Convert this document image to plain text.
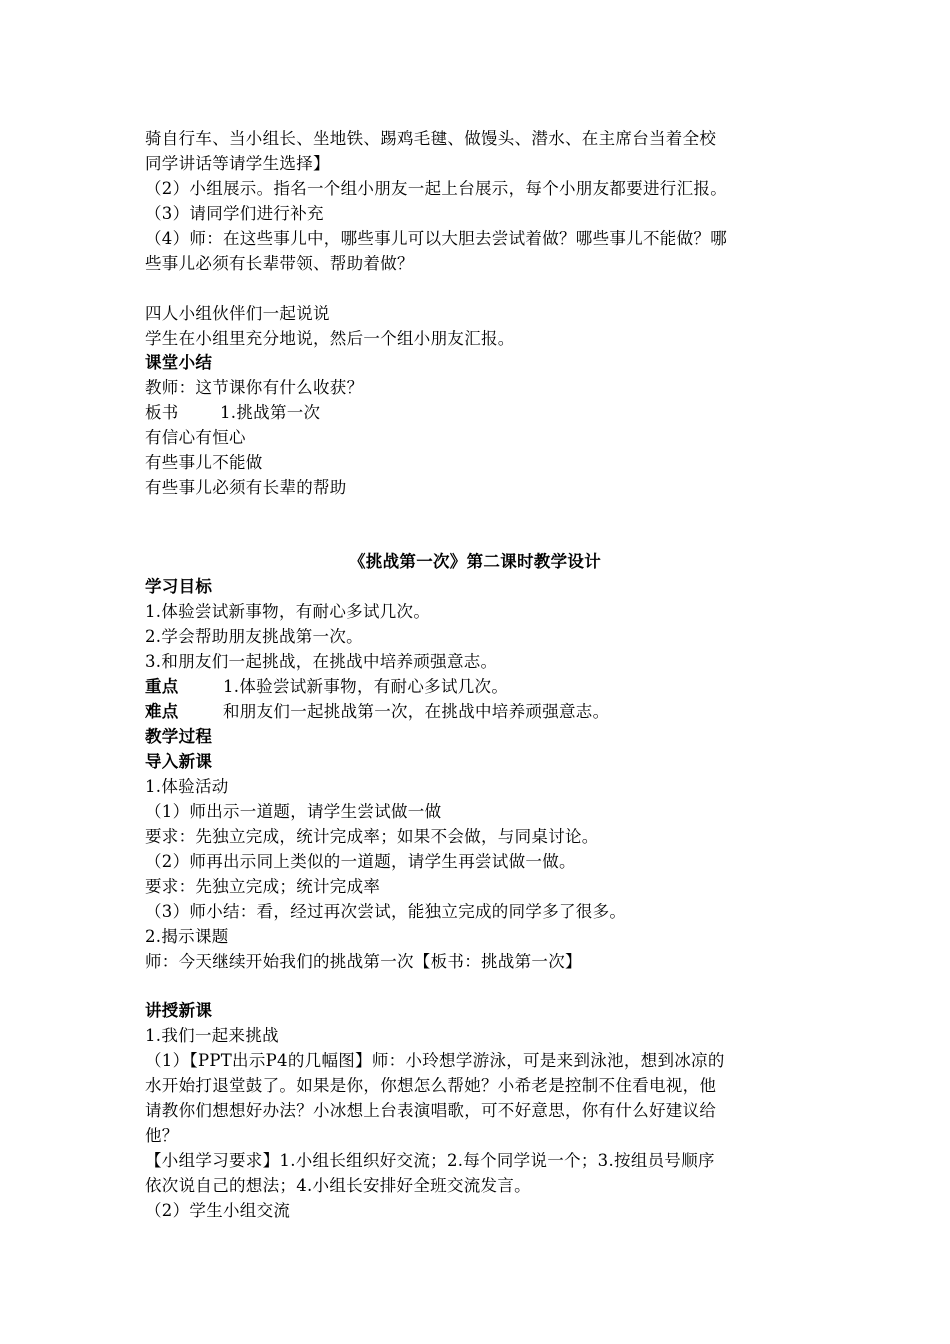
骑自行车、当小组长、坐地铁、踢鸡毛毽、做馒头、潜水、在主席台当着全校
同学讲话等请学生选择】
（2）小组展示。指名一个组小朋友一起上台展示，每个小朋友都要进行汇报。
（3）请同学们进行补充
（4）师：在这些事儿中，哪些事儿可以大胆去尝试着做？哪些事儿不能做？哪
些事儿必须有长辈带领、帮助着做？
四人小组伙伴们一起说说
学生在小组里充分地说，然后一个组小朋友汇报。
课堂小结
教师：这节课你有什么收获？
板书	1.挑战第一次
有信心有恒心
有些事儿不能做
有些事儿必须有长辈的帮助
《挑战第一次》第二课时教学设计
学习目标
1.体验尝试新事物，有耐心多试几次。
2.学会帮助朋友挑战第一次。
3.和朋友们一起挑战，在挑战中培养顽强意志。
重点	1.体验尝试新事物，有耐心多试几次。
难点	和朋友们一起挑战第一次，在挑战中培养顽强意志。
教学过程
导入新课
1.体验活动
（1）师出示一道题，请学生尝试做一做
要求：先独立完成，统计完成率；如果不会做，与同桌讨论。
（2）师再出示同上类似的一道题，请学生再尝试做一做。
要求：先独立完成；统计完成率
（3）师小结：看，经过再次尝试，能独立完成的同学多了很多。
2.揭示课题
师：今天继续开始我们的挑战第一次【板书：挑战第一次】
讲授新课
1.我们一起来挑战
（1）【PPT出示P4的几幅图】师：小玲想学游泳，可是来到泳池，想到冰凉的
水开始打退堂鼓了。如果是你，你想怎么帮她？小希老是控制不住看电视，他
请教你们想想好办法？小冰想上台表演唱歌，可不好意思，你有什么好建议给
他？
【小组学习要求】1.小组长组织好交流；2.每个同学说一个；3.按组员号顺序
依次说自己的想法；4.小组长安排好全班交流发言。
（2）学生小组交流
